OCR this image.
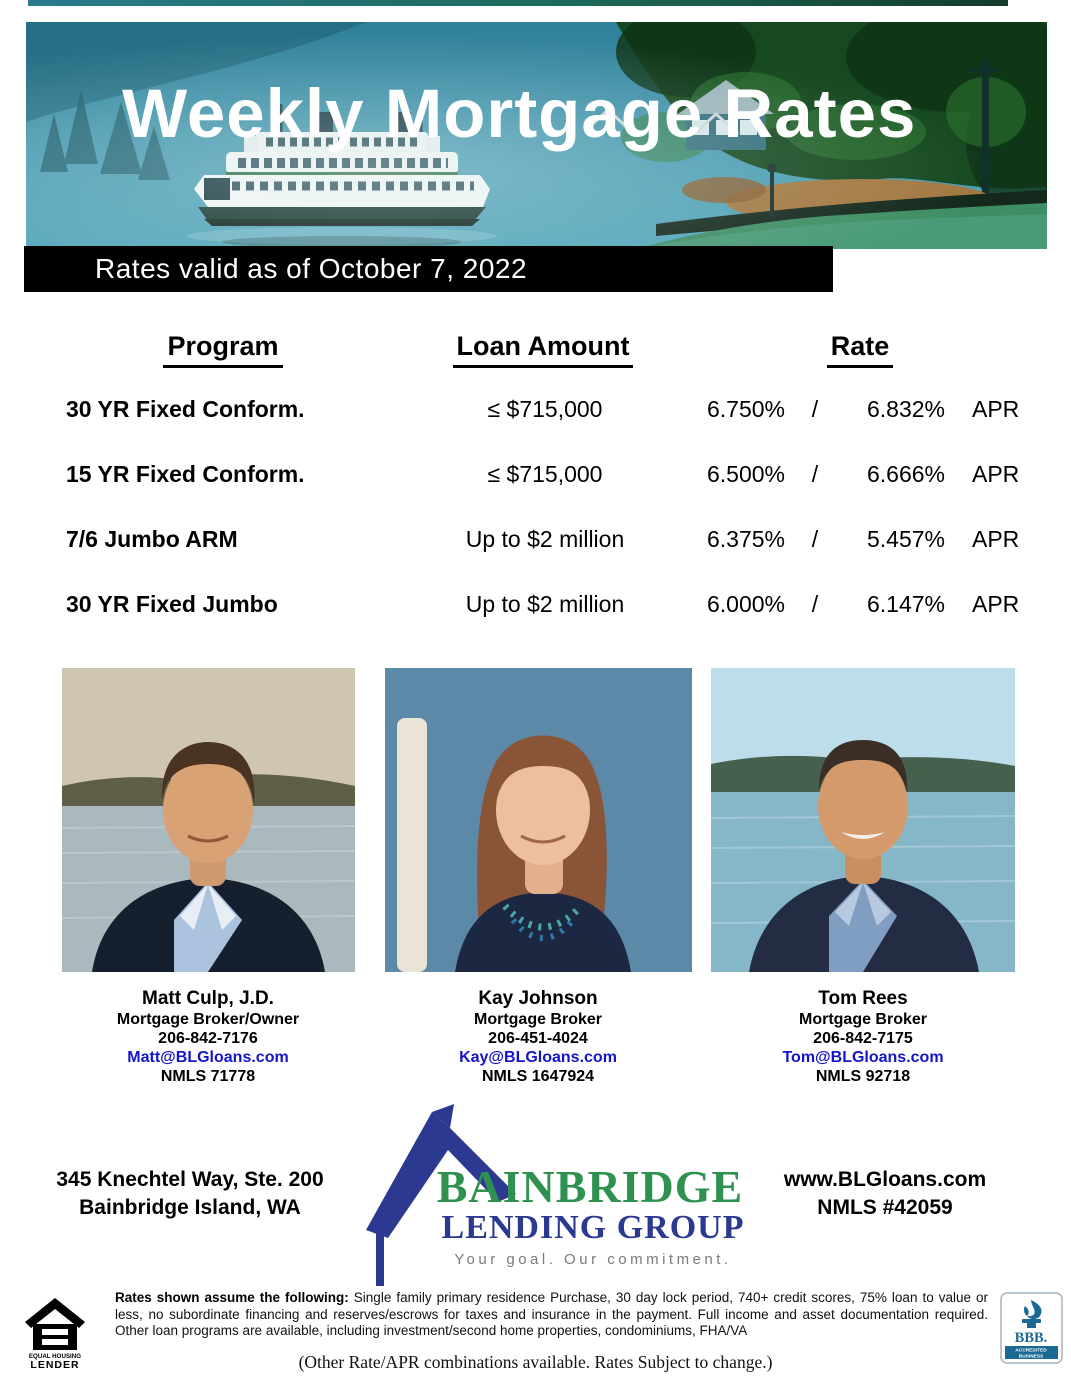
Weekly Mortgage Rates
Rates valid as of October 7, 2022
Program	Loan Amount	Rate
30 YR Fixed Conform.	≤ $715,000	6.750%	/	6.832% APR
15 YR Fixed Conform.	≤ $715,000	6.500%	/	6.666% APR
7/6 Jumbo ARM	Up to $2 million	6.375%	/	5.457% APR
30 YR Fixed Jumbo	Up to $2 million	6.000%	/	6.147% APR
Matt Culp, J.D.
Mortgage Broker/Owner
206-842-7176
Matt@BLGloans.com
NMLS 71778
Kay Johnson
Mortgage Broker
206-451-4024
Kay@BLGloans.com
NMLS 1647924
Tom Rees
Mortgage Broker
206-842-7175
Tom@BLGloans.com
NMLS 92718
345 Knechtel Way, Ste. 200
Bainbridge Island, WA	BAINBRIDGE
LENDING GROUP
Your goal. Our commitment.
www.BLGloans.com
NMLS #42059
Rates shown assume the following: Single family primary residence Purchase, 30 day lock period, 740+ credit scores, 75% loan to value or less, no subordinate financing and reserves/escrows for taxes and insurance in the payment. Full income and asset documentation required. Other loan programs are available, including investment/second home properties, condominiums, FHA/VA
(Other Rate/APR combinations available. Rates Subject to change.)
EQUAL HOUSING
LENDER
BBB.
ACCREDITED
BUSINESS
